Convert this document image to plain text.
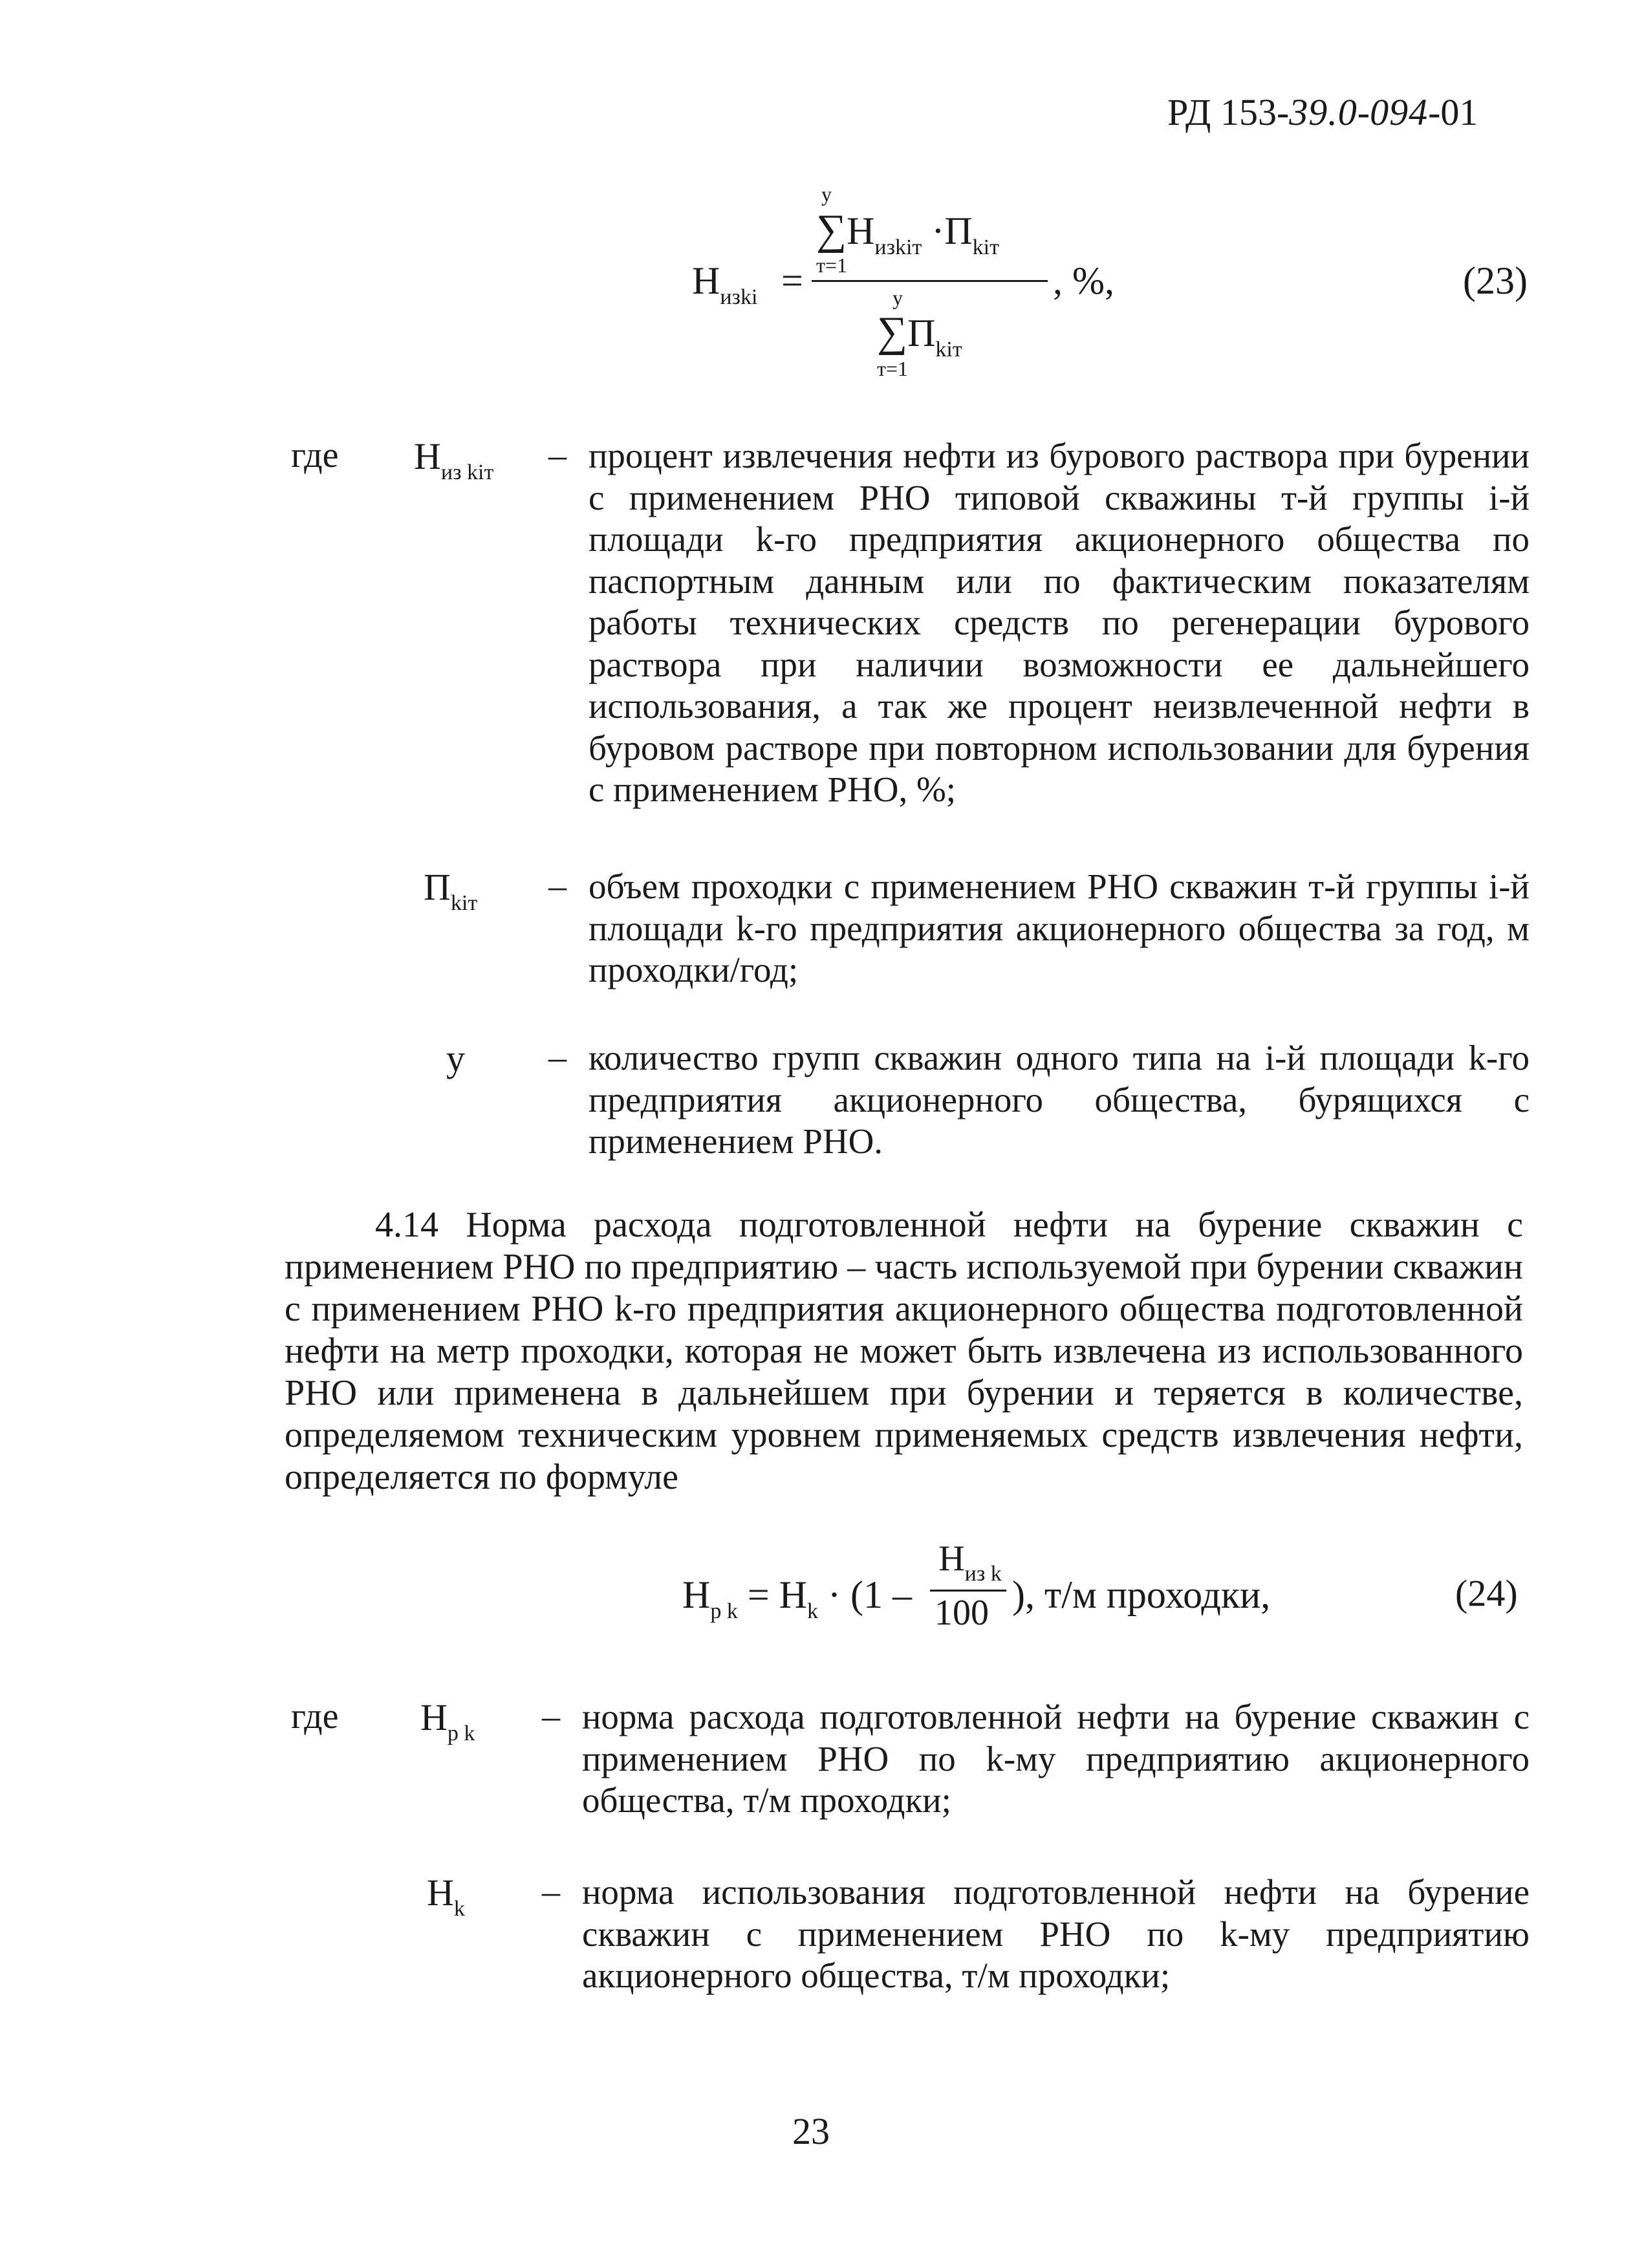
РД 153-39.0-094-01
y
$\sum Н_{изkiт} \cdot П_{kiт}$
т=1
$Н_{изki}$ =	, %,
y
$\sum П_{kiт}$
т=1
(23)
где $Н_{из kiт}$ – процент извлечения нефти из бурового раствора при бурении с применением РНО типовой скважины т-й группы i-й площади k-го предприятия акционерного общества по паспортным данным или по фактическим показателям работы технических средств по регенерации бурового раствора при наличии возможности ее дальнейшего использования, а так же процент неизвлеченной нефти в буровом растворе при повторном использовании для бурения с применением РНО, %;
$П_{kiт}$ – объем проходки с применением РНО скважин т-й группы i-й площади k-го предприятия акционерного общества за год, м проходки/год;
y – количество групп скважин одного типа на i-й площади k-го предприятия акционерного общества, бурящихся с применением РНО.
4.14 Норма расхода подготовленной нефти на бурение скважин с применением РНО по предприятию – часть используемой при бурении скважин с применением РНО k-го предприятия акционерного общества подготовленной нефти на метр проходки, которая не может быть извлечена из использованного РНО или применена в дальнейшем при бурении и теряется в количестве, определяемом техническим уровнем применяемых средств извлечения нефти, определяется по формуле
$Н_{р k} = Н_k \cdot (1$ – ), т/м проходки,
$Н_{из k}$
100	(24)
где $Н_{р k}$ – норма расхода подготовленной нефти на бурение скважин с применением РНО по k-му предприятию акционерного общества, т/м проходки;
$Н_k$ – норма использования подготовленной нефти на бурение скважин с применением РНО по k-му предприятию акционерного общества, т/м проходки;
23
